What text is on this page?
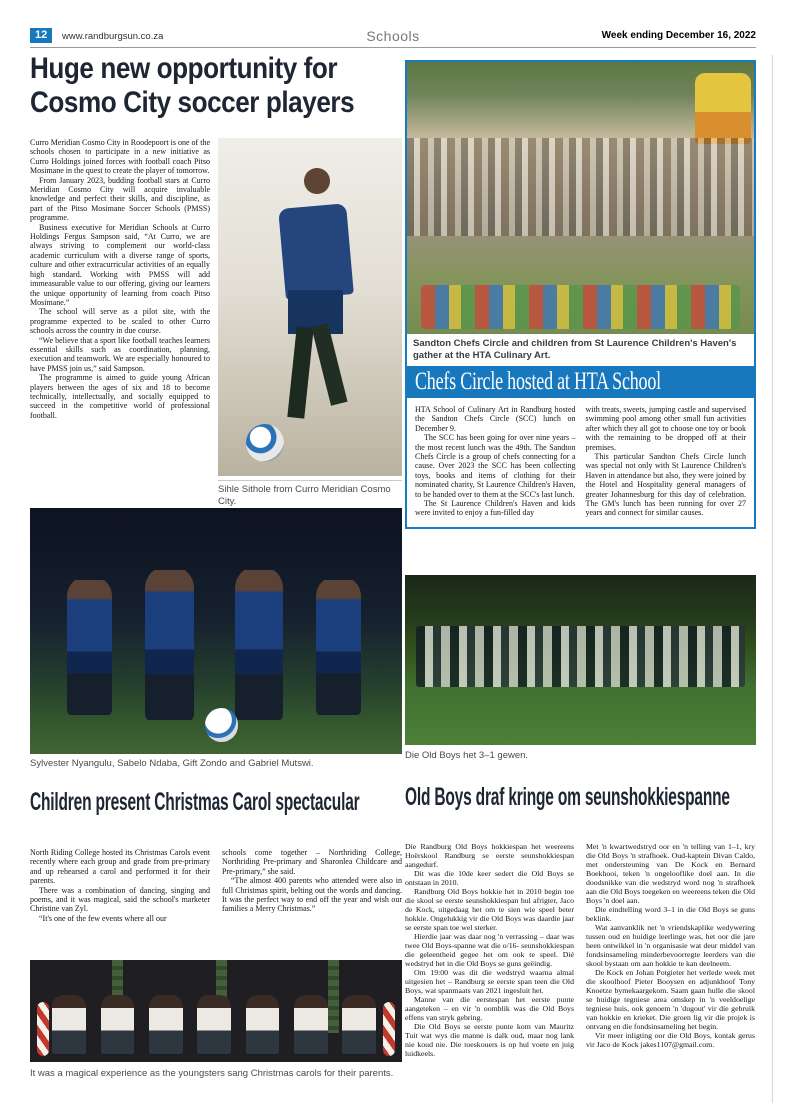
12	www.randburgsun.co.za	Schools	Week ending December 16, 2022
Huge new opportunity for
Cosmo City soccer players

Curro Meridian Cosmo City in Roodepoort is one of the schools chosen to participate in a new initiative as Curro Holdings joined forces with football coach Pitso Mosimane in the quest to create the player of tomorrow.

From January 2023, budding football stars at Curro Meridian Cosmo City will acquire invaluable knowledge and perfect their skills, and discipline, as part of the Pitso Mosimane Soccer Schools (PMSS) programme.

Business executive for Meridian Schools at Curro Holdings Fergus Sampson said, “At Curro, we are always striving to complement our world-class academic curriculum with a diverse range of sports, culture and other extracurricular activities of an equally high standard. Working with PMSS will add immeasurable value to our offering, giving our learners the unique opportunity of learning from coach Pitso Mosimane.”

The school will serve as a pilot site, with the programme expected to be scaled to other Curro schools across the country in due course.

“We believe that a sport like football teaches learners essential skills such as coordination, planning, execution and teamwork. We are especially honoured to have PMSS join us,” said Sampson.

The programme is aimed to guide young African players between the ages of six and 18 to become technically, intellectually, and socially equipped to succeed in the competitive world of professional football.

Sihle Sithole from Curro Meridian Cosmo City.
Sylvester Nyangulu, Sabelo Ndaba, Gift Zondo and Gabriel Mutswi.
Children present Christmas Carol spectacular

North Riding College hosted its Christmas Carols event recently where each group and grade from pre-primary and up rehearsed a carol and performed it for their parents.

There was a combination of dancing, singing and poems, and it was magical, said the school's marketer Christine van Zyl.

“It's one of the few events where all our

schools come together – Northriding College, Northriding Pre-primary and Sharonlea Childcare and Pre-primary,” she said.

“The almost 400 parents who attended were also in full Christmas spirit, belting out the words and dancing. It was the perfect way to end off the year and wish our families a Merry Christmas.”

It was a magical experience as the youngsters sang Christmas carols for their parents.
Sandton Chefs Circle and children from St Laurence Children's Haven's gather at the HTA Culinary Art.
Chefs Circle hosted at HTA School

HTA School of Culinary Art in Randburg hosted the Sandton Chefs Circle (SCC) lunch on December 9.

The SCC has been going for over nine years – the most recent lunch was the 49th. The Sandton Chefs Circle is a group of chefs connecting for a cause. Over 2023 the SCC has been collecting toys, books and items of clothing for their nominated charity, St Laurence Children's Haven, to be handed over to them at the SCC's last lunch.

The St Laurence Children's Haven and kids were invited to enjoy a fun-filled day

with treats, sweets, jumping castle and supervised swimming pool among other small fun activities after which they all got to choose one toy or book with the remaining to be dropped off at their premises.

This particular Sandton Chefs Circle lunch was special not only with St Laurence Children's Haven in attendance but also, they were joined by the Hotel and Hospitality general managers of greater Johannesburg for this day of celebration. The GM's lunch has been running for over 27 years and connect for similar causes.

Die Old Boys het 3–1 gewen.
Old Boys draf kringe om seunshokkiespanne

Die Randburg Old Boys hokkiespan het weereens Hoërskool Randburg se eerste seunshokkiespan aangedurf.

Dit was die 10de keer sedert die Old Boys se ontstaan in 2010.

Randburg Old Boys hokkie het in 2010 begin toe die skool se eerste seunshokkiespan hul afrigter, Jaco de Kock, uitgedaag het om te sien wie speel beter hokkie. Ongelukkig vir die Old Boys was daardie jaar se eerste span toe wel sterker.

Hierdie jaar was daar nog 'n verrassing – daar was twee Old Boys-spanne wat die o/16- seunshokkiespan die geleentheid gegee het om ook te speel. Dié wedstryd het in die Old Boys se guns geëindig.

Om 19:00 was dit die wedstryd waarna almal uitgesien het – Randburg se eerste span teen die Old Boys, wat spanmaats van 2021 ingesluit het.

Manne van die eerstespan het eerste punte aangeteken – en vir 'n oomblik was die Old Boys effens van stryk gebring.

Die Old Boys se eerste punte kom van Mauritz Tuit wat wys die manne is dalk oud, maar nog lank nie koud nie. Die toeskouers is op hul voete en juig luidkeels.

Met 'n kwartwedstryd oor en 'n telling van 1–1, kry die Old Boys 'n strafhoek. Oud-kaptein Divan Caldo, met ondersteuning van De Kock en Bernard Boekhooi, teken 'n ongelooflike doel aan. In die doodsnikke van die wedstryd word nog 'n strafhoek aan die Old Boys toegeken en weereens teken die Old Boys 'n doel aan.

Die eindtelling word 3–1 in die Old Boys se guns beklink.

Wat aanvanklik net 'n vriendskaplike wedywering tussen oud en huidige leerlinge was, het oor die jare heen ontwikkel in 'n organisasie wat deur middel van fondsinsameling minderbevoorregte leerders van die skool bystaan om aan hokkie te kan deelneem.

De Kock en Johan Potgieter het verlede week met die skoolhoof Pieter Booysen en adjunkhoof Tony Knoetze bymekaargekom. Saam gaan hulle die skool se huidige tegniese area omskep in 'n veeldoelige tegniese huis, ook genoem 'n 'dugout' vir die gebruik van hokkie en krieket. Die groen lig vir die projek is ontvang en die fondsinsameling het begin.

Vir meer inligting oor die Old Boys, kontak gerus vir Jaco de Kock jakes1107@gmail.com.
